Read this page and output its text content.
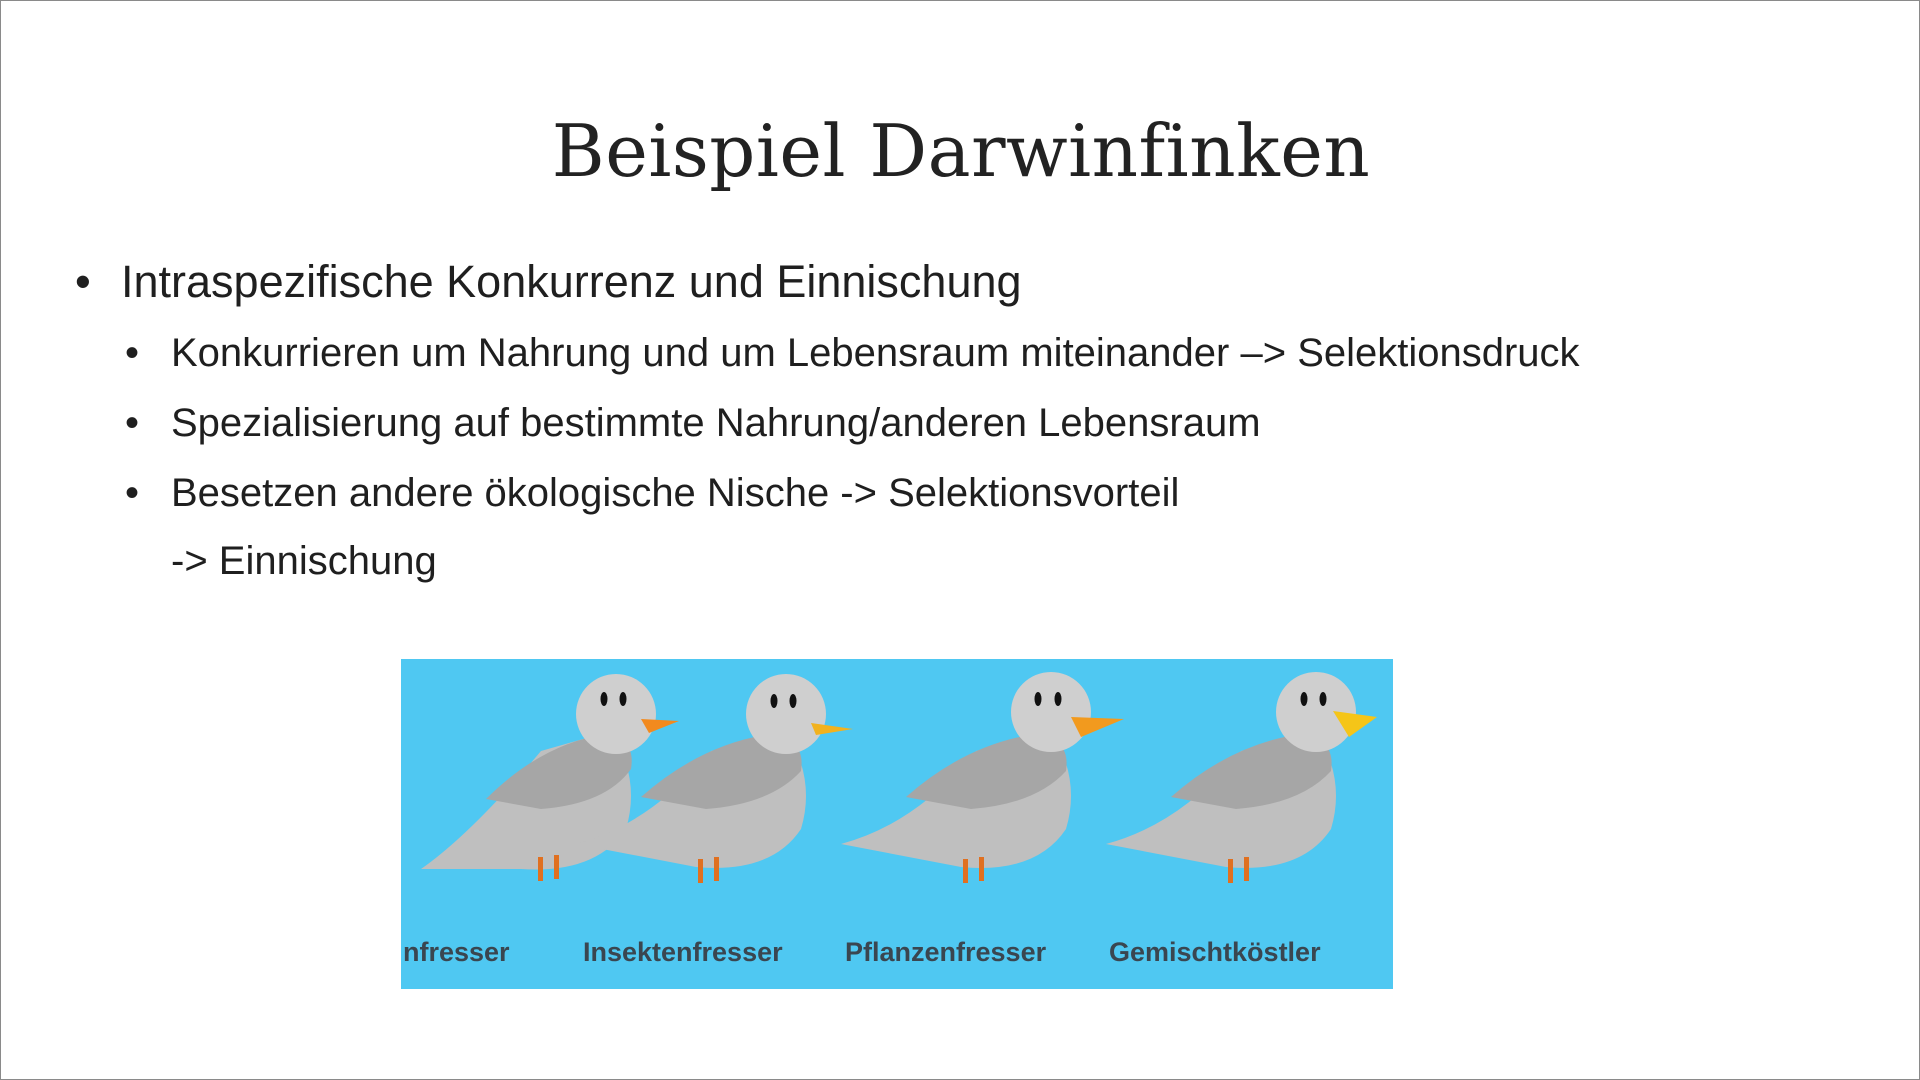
Beispiel Darwinfinken
• Intraspezifische Konkurrenz und Einnischung
• Konkurrieren um Nahrung und um Lebensraum miteinander –> Selektionsdruck
• Spezialisierung auf bestimmte Nahrung/anderen Lebensraum
• Besetzen andere ökologische Nische -> Selektionsvorteil
-> Einnischung
nfresser	Insektenfresser Pflanzenfresser Gemischtköstler
